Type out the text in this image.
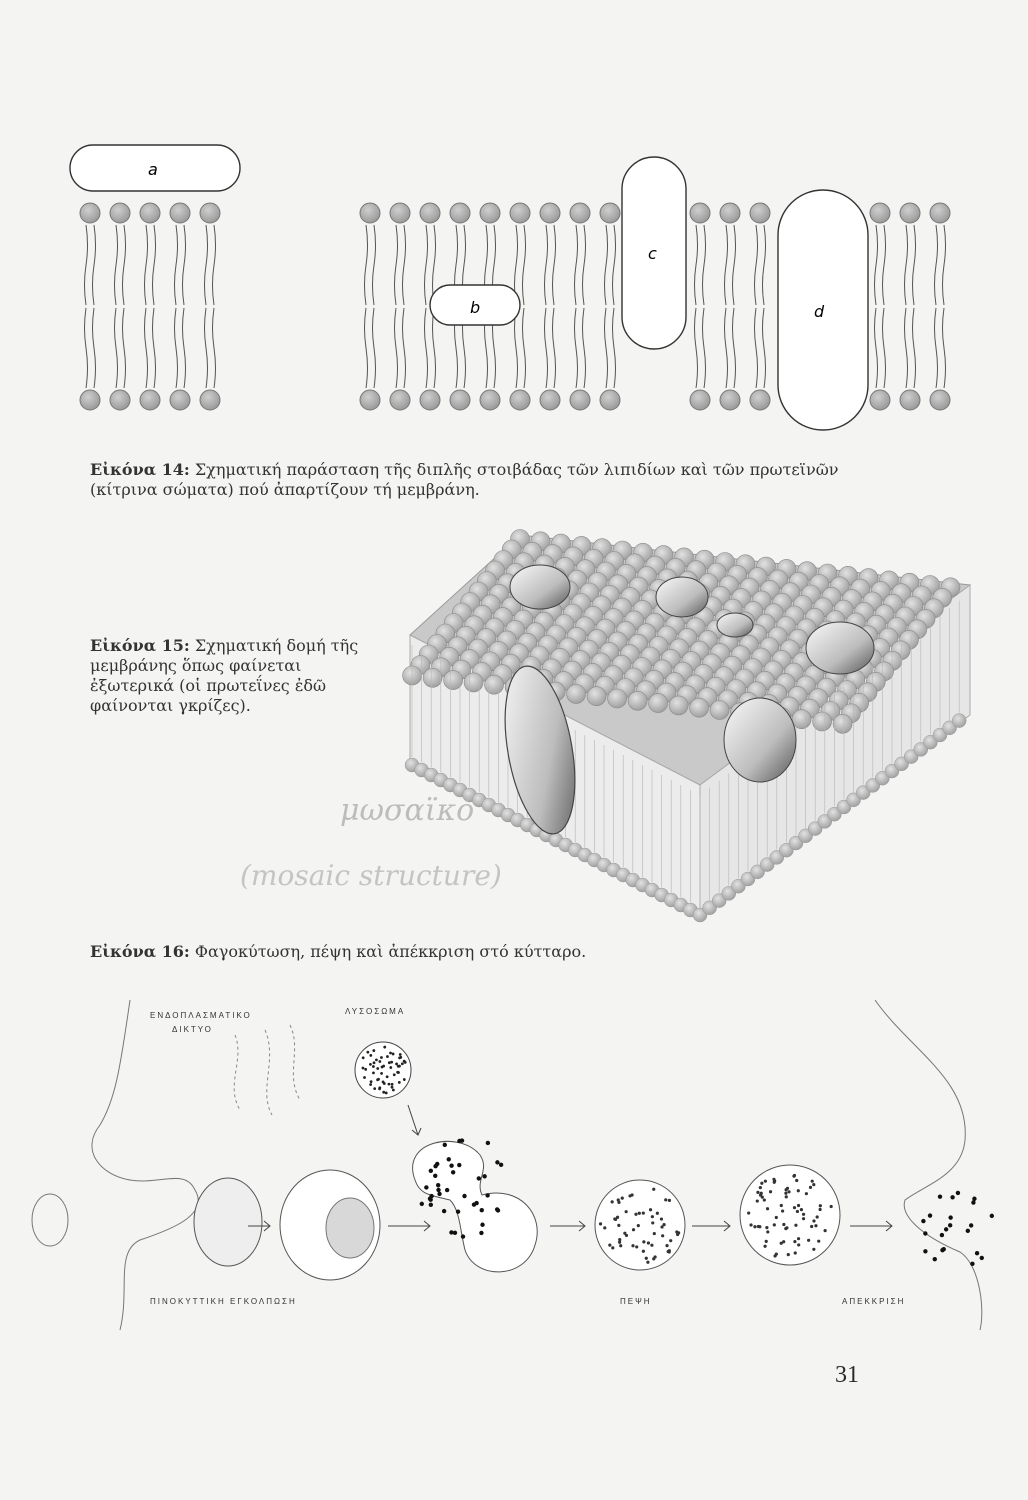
a
b
c
d
Εἰκόνα 14: Σχηματική παράσταση τῆς διπλῆς στοιβάδας τῶν λιπιδίων καὶ τῶν πρωτεϊνῶν (κίτρινα σώματα) πού ἀπαρτίζουν τή μεμβράνη.
μωσαϊκό
(mosaic structure)
Εἰκόνα 15: Σχηματική δομή τῆς μεμβράνης ὅπως φαίνεται ἐξωτερικά (οἱ πρωτεΐνες ἐδῶ φαίνονται γκρίζες).
Εἰκόνα 16: Φαγοκύτωση, πέψη καὶ ἀπέκκριση στό κύτταρο.
ΕΝΔΟΠΛΑΣΜΑΤΙΚΟ
ΔΙΚΤΥΟ
ΛΥΣΟΣΩΜΑ
ΠΙΝΟΚΥΤΤΙΚΗ ΕΓΚΟΛΠΩΣΗ	ΠΕΨΗ	ΑΠΕΚΚΡΙΣΗ
31
